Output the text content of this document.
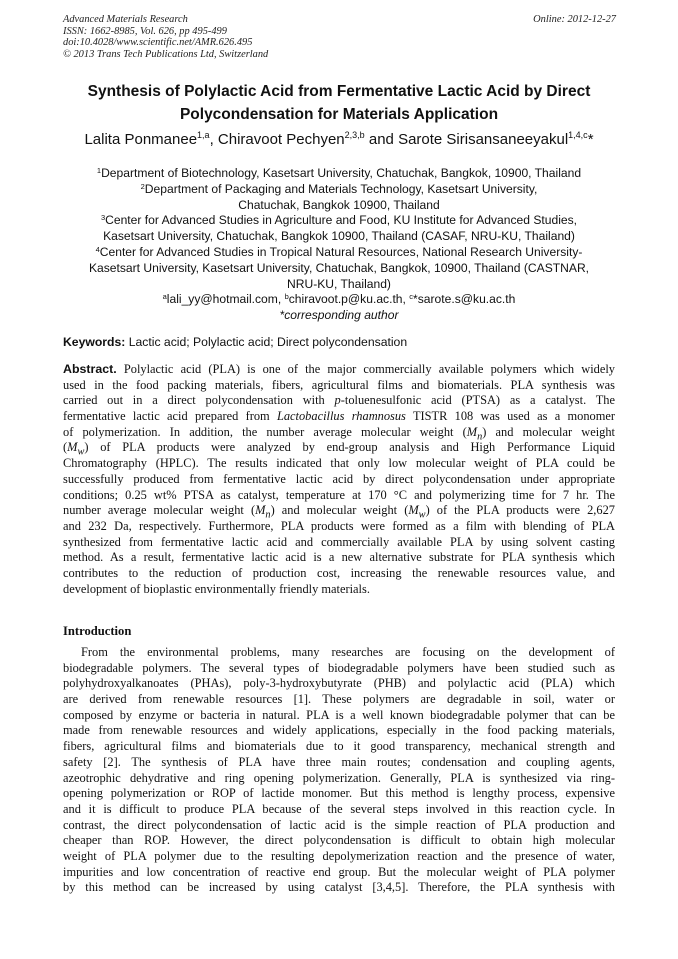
Advanced Materials Research
ISSN: 1662-8985, Vol. 626, pp 495-499
doi:10.4028/www.scientific.net/AMR.626.495
© 2013 Trans Tech Publications Ltd, Switzerland
Online: 2012-12-27
Synthesis of Polylactic Acid from Fermentative Lactic Acid by Direct
Polycondensation for Materials Application
Lalita Ponmanee$^{1,a}$, Chiravoot Pechyen$^{2,3,b}$ and Sarote Sirisansaneeyakul$^{1,4,c}$*
$^1$Department of Biotechnology, Kasetsart University, Chatuchak, Bangkok, 10900, Thailand
$^2$Department of Packaging and Materials Technology, Kasetsart University,
Chatuchak, Bangkok 10900, Thailand
$^3$Center for Advanced Studies in Agriculture and Food, KU Institute for Advanced Studies,
Kasetsart University, Chatuchak, Bangkok 10900, Thailand (CASAF, NRU-KU, Thailand)
$^4$Center for Advanced Studies in Tropical Natural Resources, National Research University-
Kasetsart University, Kasetsart University, Chatuchak, Bangkok, 10900, Thailand (CASTNAR,
NRU-KU, Thailand)
$^a$lali_yy@hotmail.com, $^b$chiravoot.p@ku.ac.th, $^c$*sarote.s@ku.ac.th
*corresponding author
Keywords: Lactic acid; Polylactic acid; Direct polycondensation
Abstract. Polylactic acid (PLA) is one of the major commercially available polymers which widely
used in the food packing materials, fibers, agricultural films and biomaterials. PLA synthesis was
carried out in a direct polycondensation with p-toluenesulfonic acid (PTSA) as a catalyst. The
fermentative lactic acid prepared from Lactobacillus rhamnosus TISTR 108 was used as a monomer
of polymerization. In addition, the number average molecular weight $(M_n)$ and molecular weight
$(M_w)$ of PLA products were analyzed by end-group analysis and High Performance Liquid
Chromatography (HPLC). The results indicated that only low molecular weight of PLA could be
successfully produced from fermentative lactic acid by direct polycondensation under appropriate
conditions; 0.25 wt% PTSA as catalyst, temperature at 170 °C and polymerizing time for 7 hr. The
number average molecular weight $(M_n)$ and molecular weight $(M_w)$ of the PLA products were 2,627
and 232 Da, respectively. Furthermore, PLA products were formed as a film with blending of PLA
synthesized from fermentative lactic acid and commercially available PLA by using solvent casting
method. As a result, fermentative lactic acid is a new alternative substrate for PLA synthesis which
contributes to the reduction of production cost, increasing the renewable resources value, and
development of bioplastic environmentally friendly materials.
Introduction
From the environmental problems, many researches are focusing on the development of
biodegradable polymers. The several types of biodegradable polymers have been studied such as
polyhydroxyalkanoates (PHAs), poly-3-hydroxybutyrate (PHB) and polylactic acid (PLA) which
are derived from renewable resources [1]. These polymers are degradable in soil, water or
composed by enzyme or bacteria in natural. PLA is a well known biodegradable polymer that can be
made from renewable resources and widely applications, especially in the food packing materials,
fibers, agricultural films and biomaterials due to it good transparency, mechanical strength and
safety [2]. The synthesis of PLA have three main routes; condensation and coupling agents,
azeotrophic dehydrative and ring opening polymerization. Generally, PLA is synthesized via ring-
opening polymerization or ROP of lactide monomer. But this method is lengthy process, expensive
and it is difficult to produce PLA because of the several steps involved in this reaction cycle. In
contrast, the direct polycondensation of lactic acid is the simple reaction of PLA production and
cheaper than ROP. However, the direct polycondensation is difficult to obtain high molecular
weight of PLA polymer due to the resulting depolymerization reaction and the presence of water,
impurities and low concentration of reactive end group. But the molecular weight of PLA polymer
by this method can be increased by using catalyst [3,4,5]. Therefore, the PLA synthesis with
